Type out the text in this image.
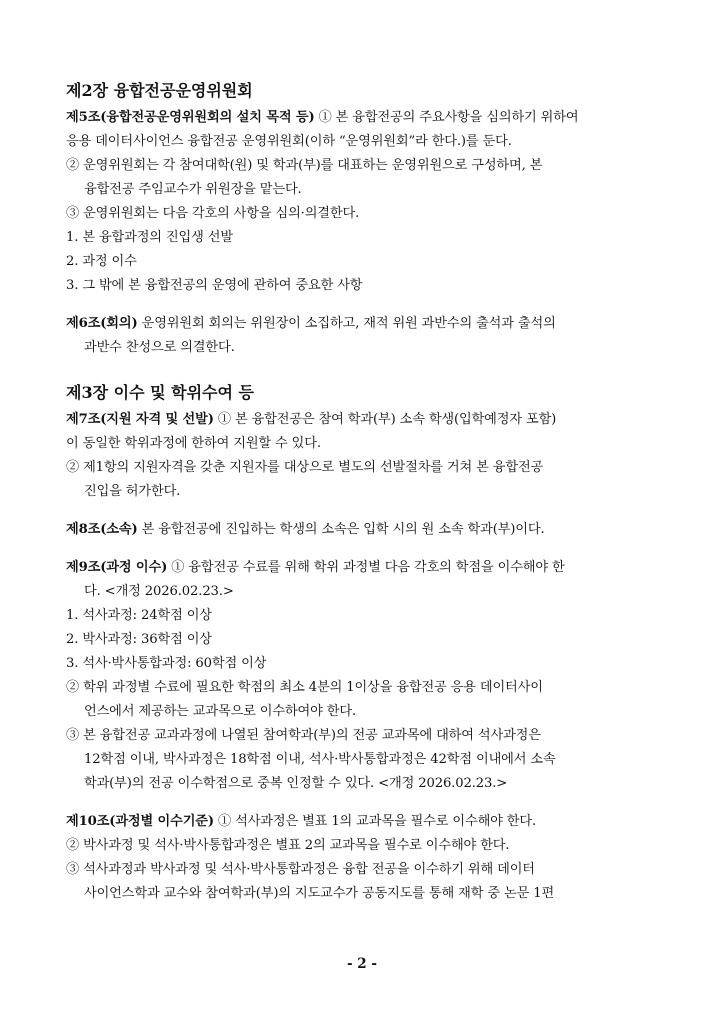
제2장 융합전공운영위원회
제5조(융합전공운영위원회의 설치 목적 등) ① 본 융합전공의 주요사항을 심의하기 위하여
응용 데이터사이언스 융합전공 운영위원회(이하 “운영위원회”라 한다.)를 둔다.
② 운영위원회는 각 참여대학(원) 및 학과(부)를 대표하는 운영위원으로 구성하며, 본
융합전공 주임교수가 위원장을 맡는다.
③ 운영위원회는 다음 각호의 사항을 심의·의결한다.
1. 본 융합과정의 진입생 선발
2. 과정 이수
3. 그 밖에 본 융합전공의 운영에 관하여 중요한 사항
제6조(회의) 운영위원회 회의는 위원장이 소집하고, 재적 위원 과반수의 출석과 출석의
과반수 찬성으로 의결한다.
제3장 이수 및 학위수여 등
제7조(지원 자격 및 선발) ① 본 융합전공은 참여 학과(부) 소속 학생(입학예정자 포함)
이 동일한 학위과정에 한하여 지원할 수 있다.
② 제1항의 지원자격을 갖춘 지원자를 대상으로 별도의 선발절차를 거쳐 본 융합전공
진입을 허가한다.
제8조(소속) 본 융합전공에 진입하는 학생의 소속은 입학 시의 원 소속 학과(부)이다.
제9조(과정 이수) ① 융합전공 수료를 위해 학위 과정별 다음 각호의 학점을 이수해야 한
다. <개정 2026.02.23.>
1. 석사과정: 24학점 이상
2. 박사과정: 36학점 이상
3. 석사·박사통합과정: 60학점 이상
② 학위 과정별 수료에 필요한 학점의 최소 4분의 1이상을 융합전공 응용 데이터사이
언스에서 제공하는 교과목으로 이수하여야 한다.
③ 본 융합전공 교과과정에 나열된 참여학과(부)의 전공 교과목에 대하여 석사과정은
12학점 이내, 박사과정은 18학점 이내, 석사·박사통합과정은 42학점 이내에서 소속
학과(부)의 전공 이수학점으로 중복 인정할 수 있다. <개정 2026.02.23.>
제10조(과정별 이수기준) ① 석사과정은 별표 1의 교과목을 필수로 이수해야 한다.
② 박사과정 및 석사·박사통합과정은 별표 2의 교과목을 필수로 이수해야 한다.
③ 석사과정과 박사과정 및 석사·박사통합과정은 융합 전공을 이수하기 위해 데이터
사이언스학과 교수와 참여학과(부)의 지도교수가 공동지도를 통해 재학 중 논문 1편
- 2 -
